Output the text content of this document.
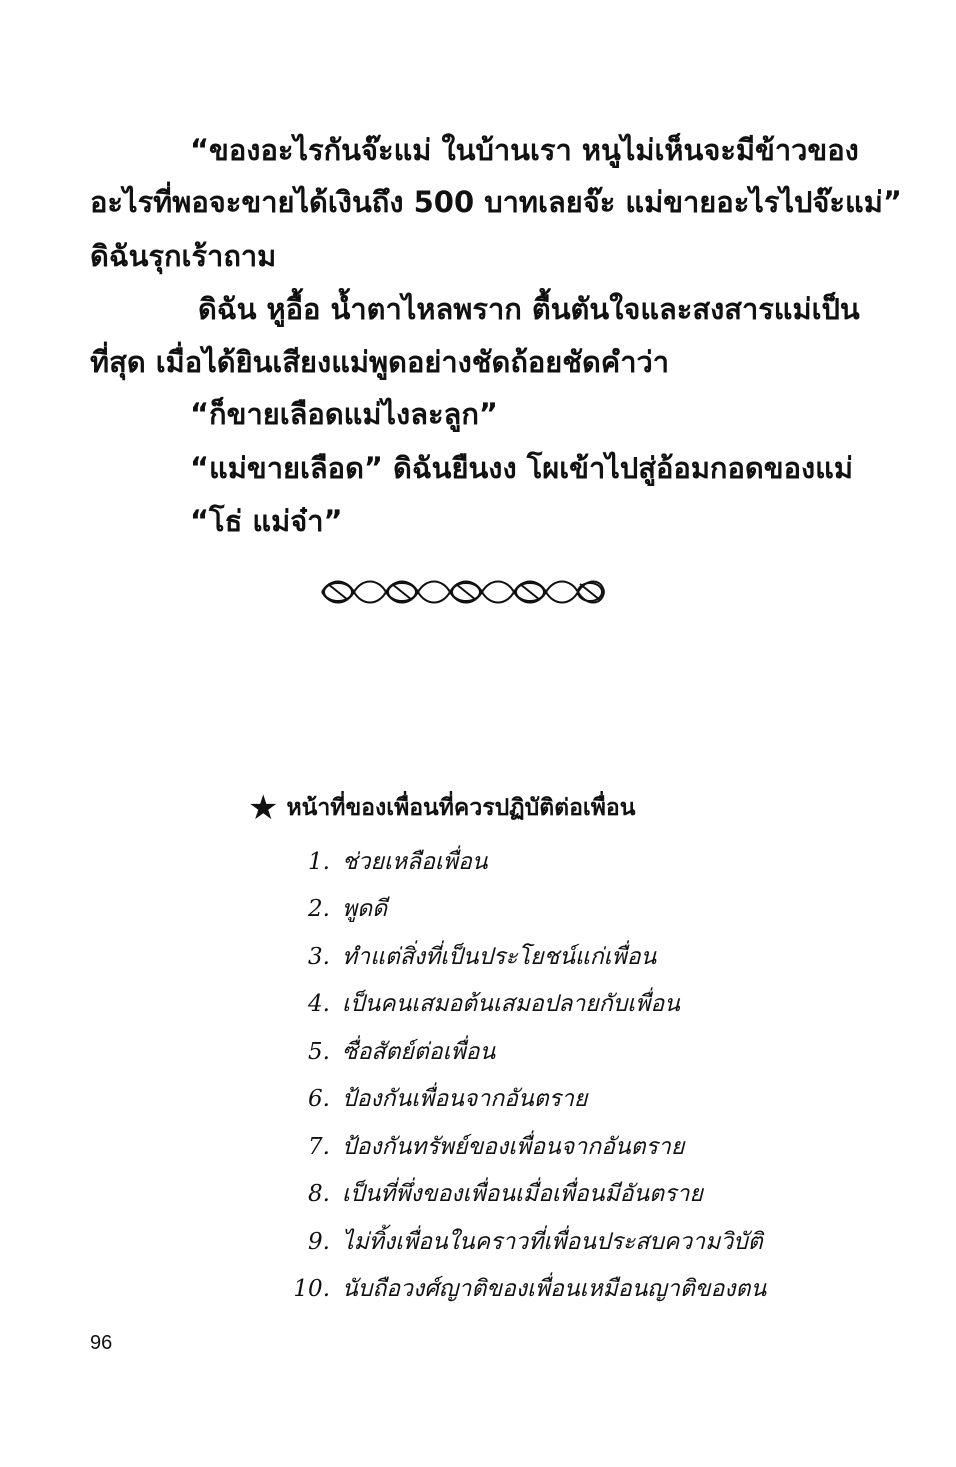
“ของอะไรกันจ๊ะแม่ ในบ้านเรา หนูไม่เห็นจะมีข้าวของ
อะไรที่พอจะขายได้เงินถึง 500 บาทเลยจ๊ะ แม่ขายอะไรไปจ๊ะแม่”
ดิฉันรุกเร้าถาม
ดิฉัน หูอื้อ น้ำตาไหลพราก ตื้นตันใจและสงสารแม่เป็น
ที่สุด เมื่อได้ยินเสียงแม่พูดอย่างชัดถ้อยชัดคำว่า
“ก็ขายเลือดแม่ไงละลูก”
“แม่ขายเลือด” ดิฉันยืนงง โผเข้าไปสู่อ้อมกอดของแม่
“โธ่ แม่จ๋า”
★ หน้าที่ของเพื่อนที่ควรปฏิบัติต่อเพื่อน
1. ช่วยเหลือเพื่อน
2. พูดดี
3. ทำแต่สิ่งที่เป็นประโยชน์แก่เพื่อน
4. เป็นคนเสมอต้นเสมอปลายกับเพื่อน
5. ซื่อสัตย์ต่อเพื่อน
6. ป้องกันเพื่อนจากอันตราย
7. ป้องกันทรัพย์ของเพื่อนจากอันตราย
8. เป็นที่พึ่งของเพื่อนเมื่อเพื่อนมีอันตราย
9. ไม่ทิ้งเพื่อนในคราวที่เพื่อนประสบความวิบัติ
10. นับถือวงศ์ญาติของเพื่อนเหมือนญาติของตน
96
